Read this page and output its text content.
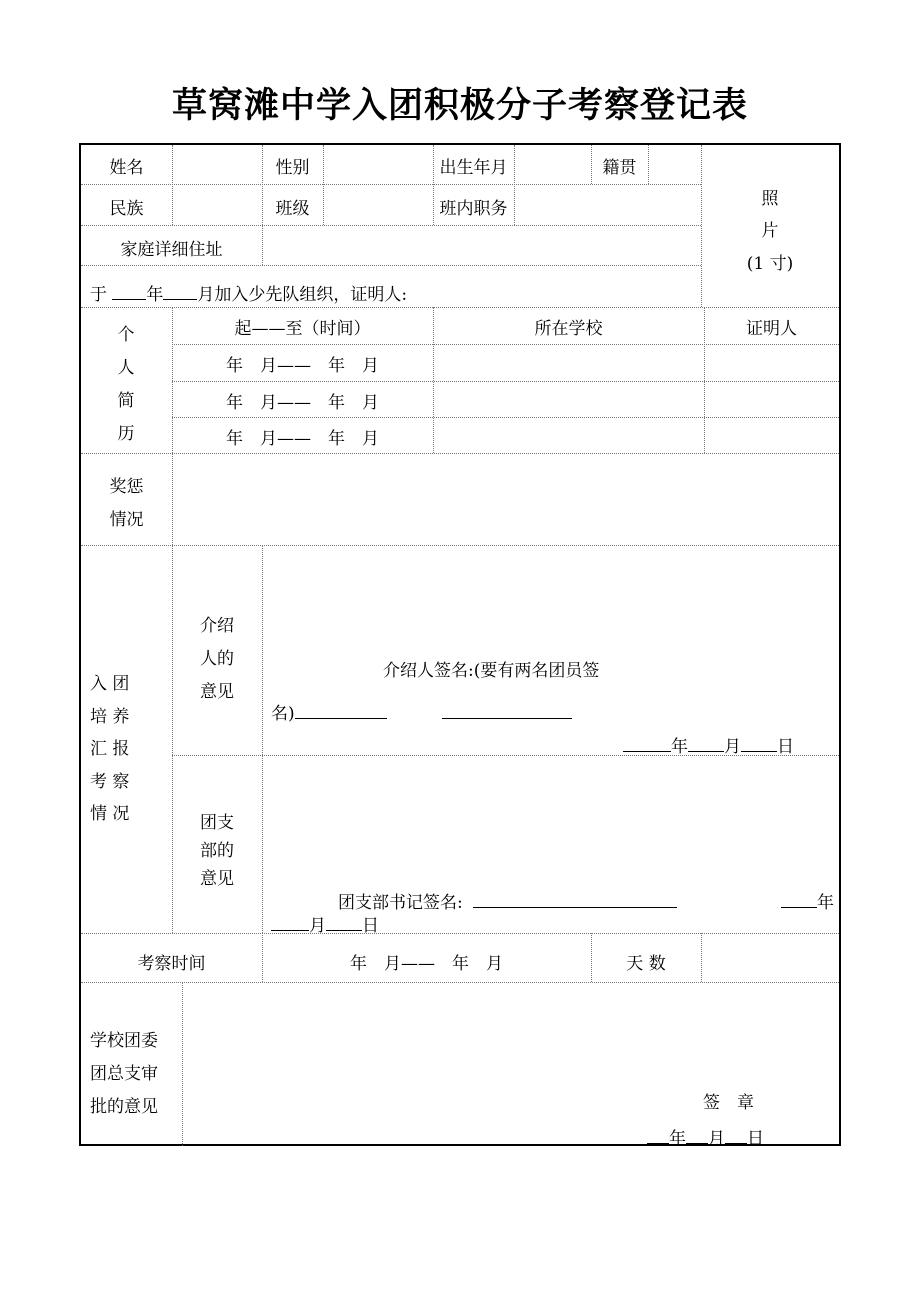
草窝滩中学入团积极分子考察登记表
姓名	性别	出生年月	籍贯
民族	班级	班内职务
家庭详细住址
照
片
(1 寸)
于 年 月加入少先队组织，证明人:
个
人
简
历
起——至（时间）	所在学校	证明人
年　月——　年　月
年　月——　年　月
年　月——　年　月
奖惩
情况
入 团
培 养
汇 报
考 察
情 况
介绍
人的
意见
介绍人签名:(要有两名团员签
名)
年 月 日
团支
部的
意见
团支部书记签名:	年
月 日
考察时间	年　月——　年　月	天 数
学校团委
团总支审
批的意见	签　章
年 月 日
